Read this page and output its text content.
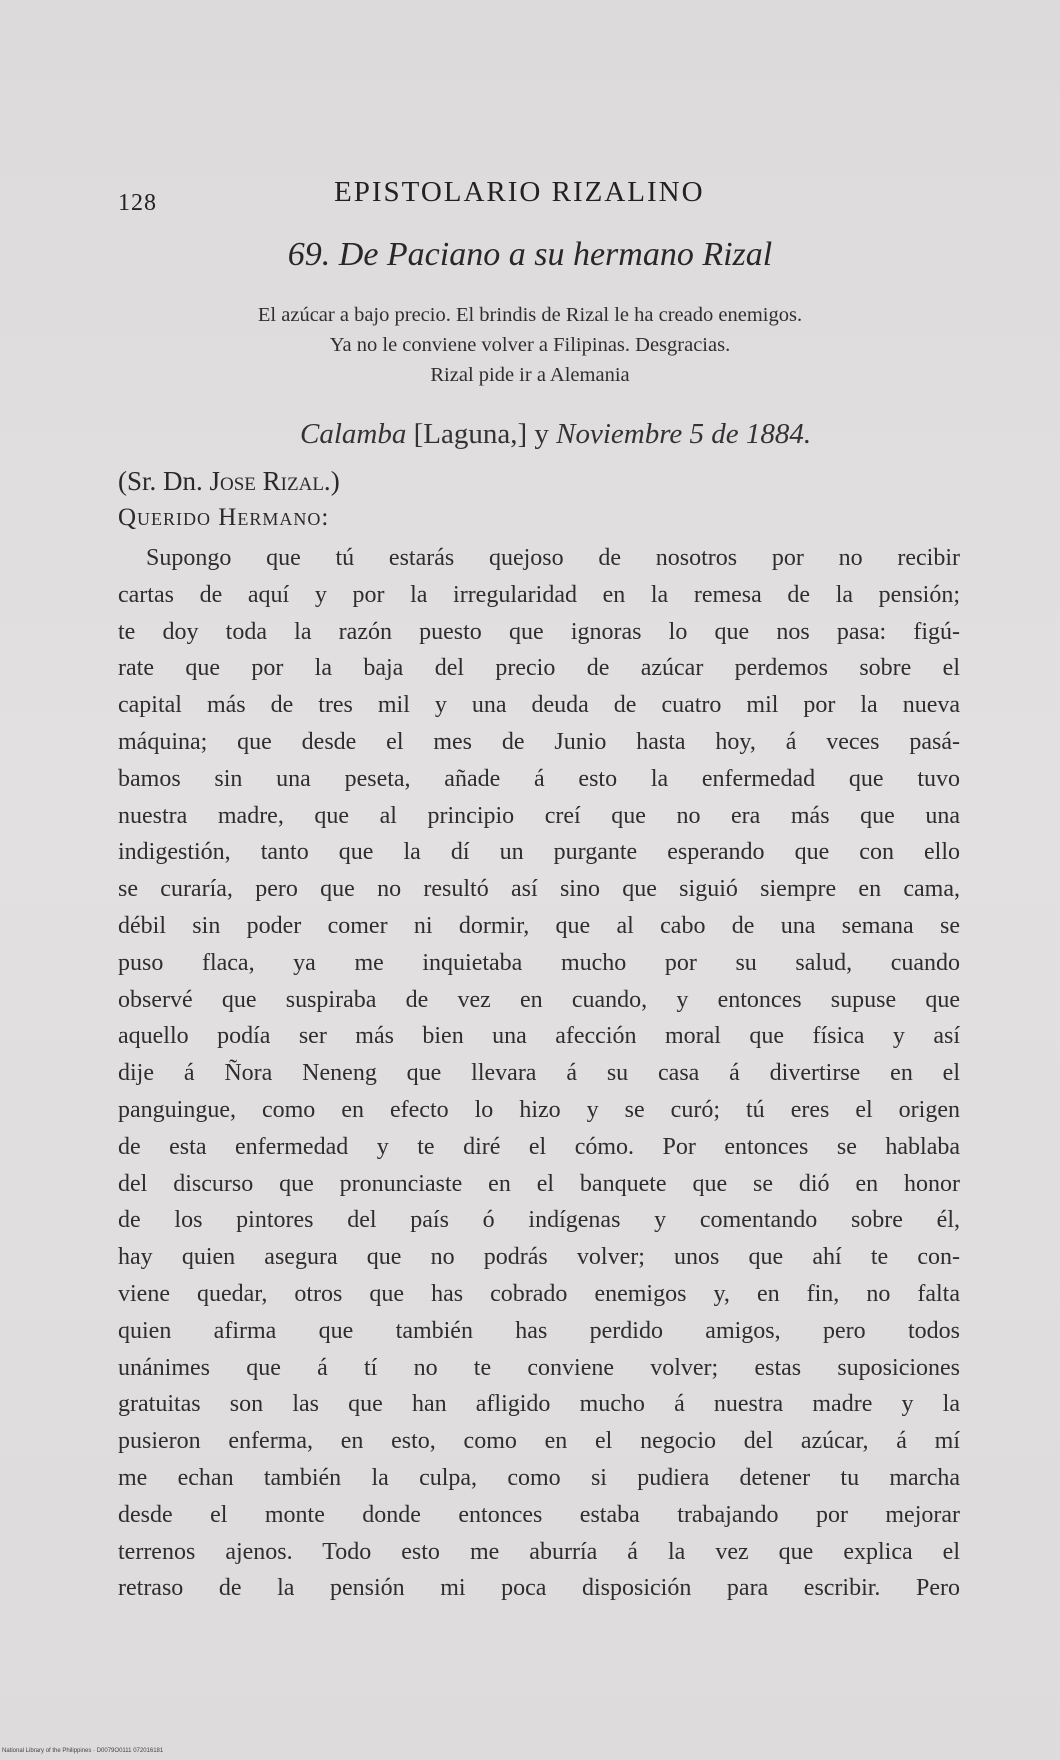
128	EPISTOLARIO RIZALINO
69. De Paciano a su hermano Rizal
El azúcar a bajo precio. El brindis de Rizal le ha creado enemigos.
Ya no le conviene volver a Filipinas. Desgracias.
Rizal pide ir a Alemania
Calamba [Laguna,] y Noviembre 5 de 1884.
(Sr. Dn. Jose Rizal.)
Querido Hermano:
Supongo que tú estarás quejoso de nosotros por no recibir
cartas de aquí y por la irregularidad en la remesa de la pensión;
te doy toda la razón puesto que ignoras lo que nos pasa: figú-
rate que por la baja del precio de azúcar perdemos sobre el
capital más de tres mil y una deuda de cuatro mil por la nueva
máquina; que desde el mes de Junio hasta hoy, á veces pasá-
bamos sin una peseta, añade á esto la enfermedad que tuvo
nuestra madre, que al principio creí que no era más que una
indigestión, tanto que la dí un purgante esperando que con ello
se curaría, pero que no resultó así sino que siguió siempre en cama,
débil sin poder comer ni dormir, que al cabo de una semana se
puso flaca, ya me inquietaba mucho por su salud, cuando
observé que suspiraba de vez en cuando, y entonces supuse que
aquello podía ser más bien una afección moral que física y así
dije á Ñora Neneng que llevara á su casa á divertirse en el
panguingue, como en efecto lo hizo y se curó; tú eres el origen
de esta enfermedad y te diré el cómo. Por entonces se hablaba
del discurso que pronunciaste en el banquete que se dió en honor
de los pintores del país ó indígenas y comentando sobre él,
hay quien asegura que no podrás volver; unos que ahí te con-
viene quedar, otros que has cobrado enemigos y, en fin, no falta
quien afirma que también has perdido amigos, pero todos
unánimes que á tí no te conviene volver; estas suposiciones
gratuitas son las que han afligido mucho á nuestra madre y la
pusieron enferma, en esto, como en el negocio del azúcar, á mí
me echan también la culpa, como si pudiera detener tu marcha
desde el monte donde entonces estaba trabajando por mejorar
terrenos ajenos. Todo esto me aburría á la vez que explica el
retraso de la pensión mi poca disposición para escribir. Pero
National Library of the Philippines · D0079O0111 072016181
